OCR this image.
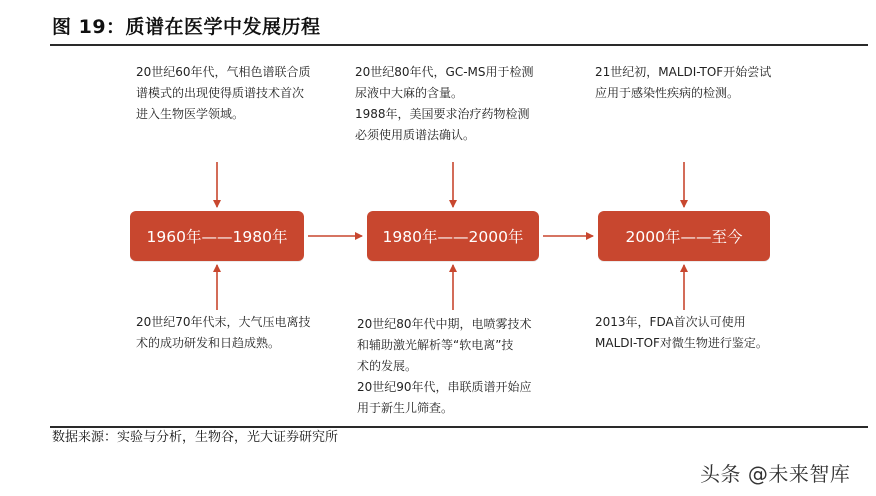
图 19：质谱在医学中发展历程
20世纪60年代，气相色谱联合质
谱模式的出现使得质谱技术首次
进入生物医学领域。
20世纪80年代，GC-MS用于检测
尿液中大麻的含量。
1988年，美国要求治疗药物检测
必须使用质谱法确认。
21世纪初，MALDI-TOF开始尝试
应用于感染性疾病的检测。
1960年——1980年	1980年——2000年	2000年——至今
20世纪70年代末，大气压电离技
术的成功研发和日趋成熟。
20世纪80年代中期，电喷雾技术
和辅助激光解析等“软电离”技
术的发展。
20世纪90年代，串联质谱开始应
用于新生儿筛查。
2013年，FDA首次认可使用
MALDI-TOF对微生物进行鉴定。
数据来源：实验与分析，生物谷，光大证券研究所
头条 @未来智库
